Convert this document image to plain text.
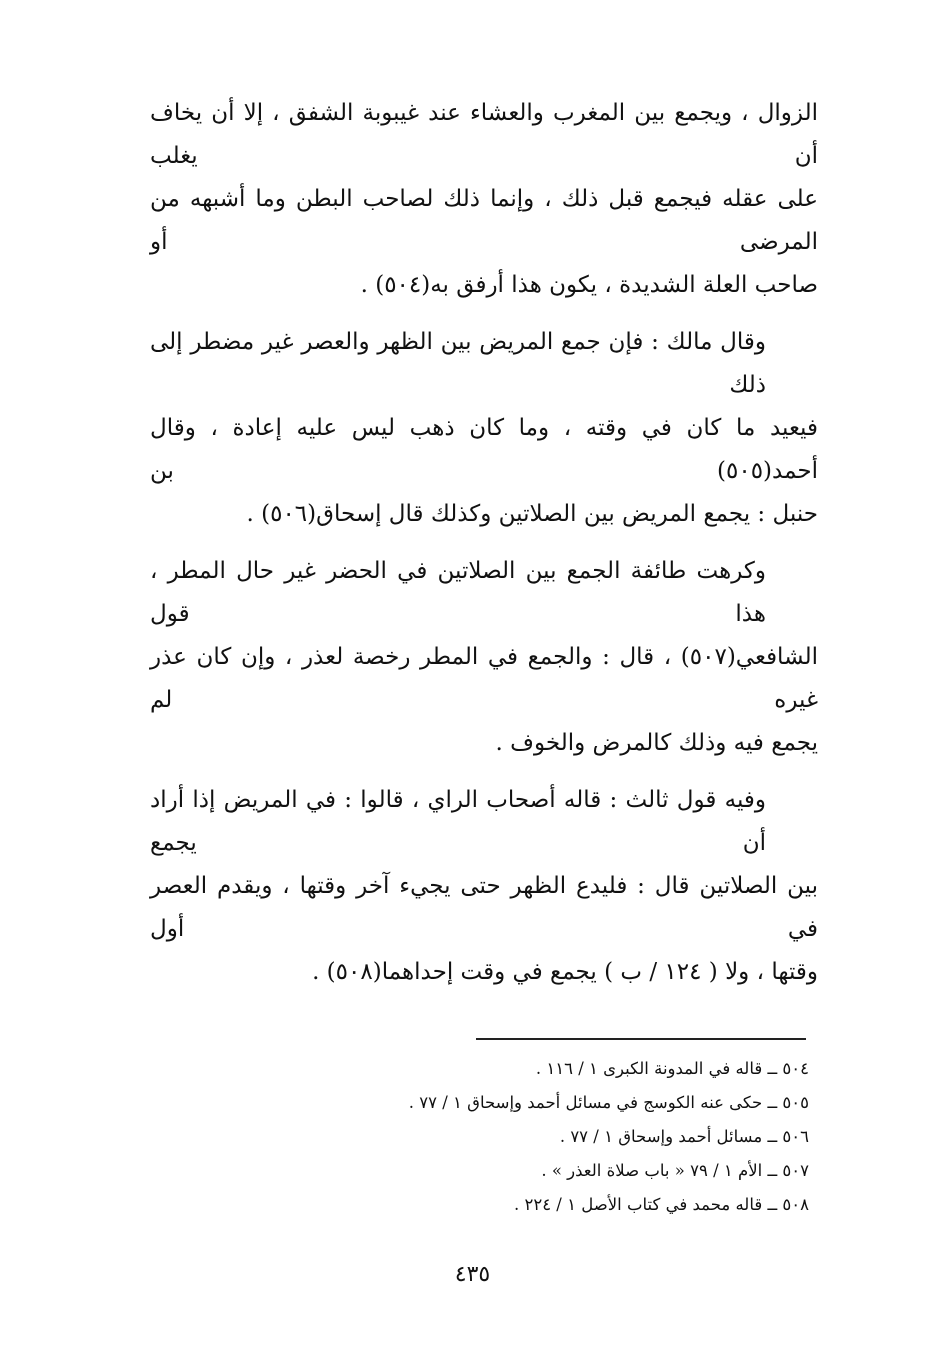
الزوال ، ويجمع بين المغرب والعشاء عند غيبوبة الشفق ، إلا أن يخاف أن يغلب
على عقله فيجمع قبل ذلك ، وإنما ذلك لصاحب البطن وما أشبهه من المرضى أو
صاحب العلة الشديدة ، يكون هذا أرفق به(٥٠٤) .

وقال مالك : فإن جمع المريض بين الظهر والعصر غير مضطر إلى ذلك
فيعيد ما كان في وقته ، وما كان ذهب ليس عليه إعادة ، وقال أحمد(٥٠٥) بن
حنبل : يجمع المريض بين الصلاتين وكذلك قال إسحاق(٥٠٦) .

وكرهت طائفة الجمع بين الصلاتين في الحضر غير حال المطر ، هذا قول
الشافعي(٥٠٧) ، قال : والجمع في المطر رخصة لعذر ، وإن كان عذر غيره لم
يجمع فيه وذلك كالمرض والخوف .

وفيه قول ثالث : قاله أصحاب الراي ، قالوا : في المريض إذا أراد أن يجمع
بين الصلاتين قال : فليدع الظهر حتى يجيء آخر وقتها ، ويقدم العصر في أول
وقتها ، ولا ( ١٢٤ / ب ) يجمع في وقت إحداهما(٥٠٨) .

٥٠٤ ــ قاله في المدونة الكبرى ١ / ١١٦ .
٥٠٥ ــ حكى عنه الكوسج في مسائل أحمد وإسحاق ١ / ٧٧ .
٥٠٦ ــ مسائل أحمد وإسحاق ١ / ٧٧ .
٥٠٧ ــ الأم ١ / ٧٩ « باب صلاة العذر » .
٥٠٨ ــ قاله محمد في كتاب الأصل ١ / ٢٢٤ .
٤٣٥
